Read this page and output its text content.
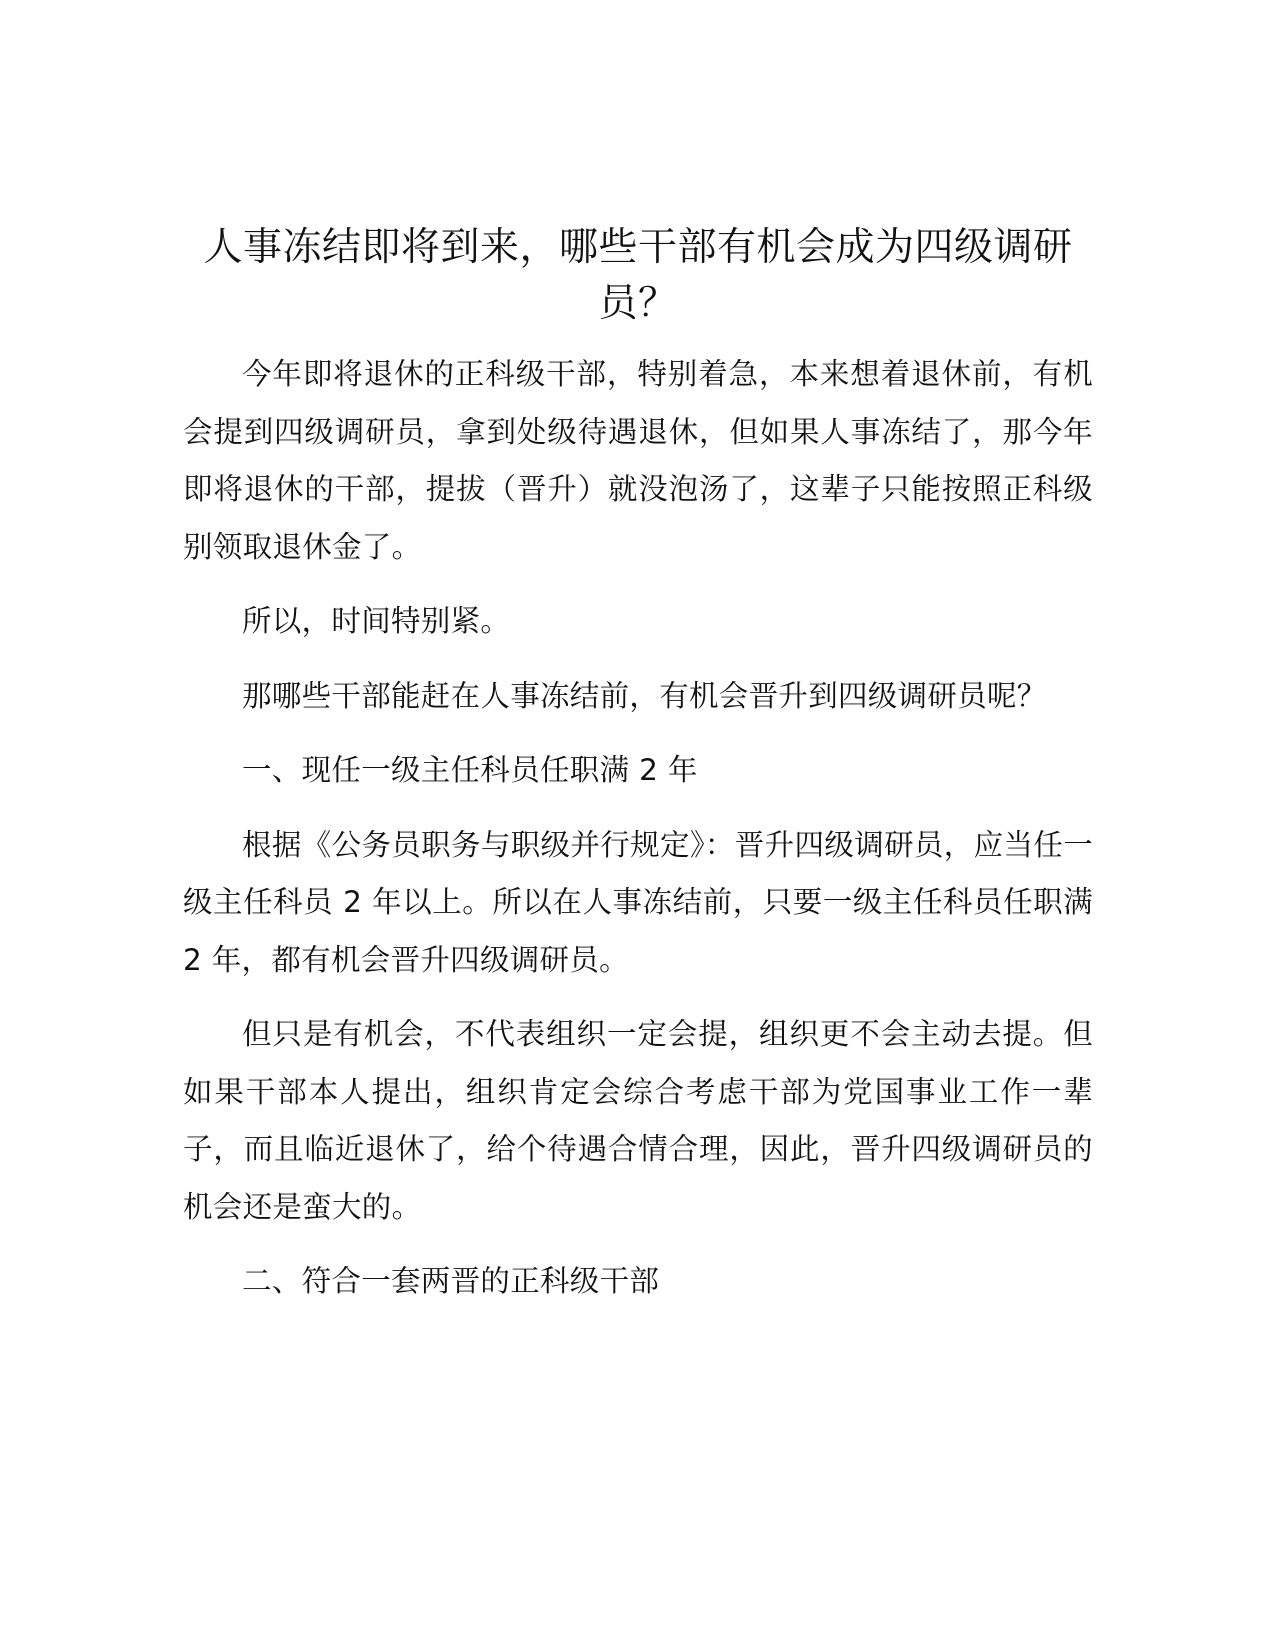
人事冻结即将到来，哪些干部有机会成为四级调研员？

今年即将退休的正科级干部，特别着急，本来想着退休前，有机会提到四级调研员，拿到处级待遇退休，但如果人事冻结了，那今年即将退休的干部，提拔（晋升）就没泡汤了，这辈子只能按照正科级别领取退休金了。

所以，时间特别紧。

那哪些干部能赶在人事冻结前，有机会晋升到四级调研员呢？

一、现任一级主任科员任职满 2 年

根据《公务员职务与职级并行规定》：晋升四级调研员，应当任一级主任科员 2 年以上。所以在人事冻结前，只要一级主任科员任职满 2 年，都有机会晋升四级调研员。

但只是有机会，不代表组织一定会提，组织更不会主动去提。但如果干部本人提出，组织肯定会综合考虑干部为党国事业工作一辈子，而且临近退休了，给个待遇合情合理，因此，晋升四级调研员的机会还是蛮大的。

二、符合一套两晋的正科级干部
